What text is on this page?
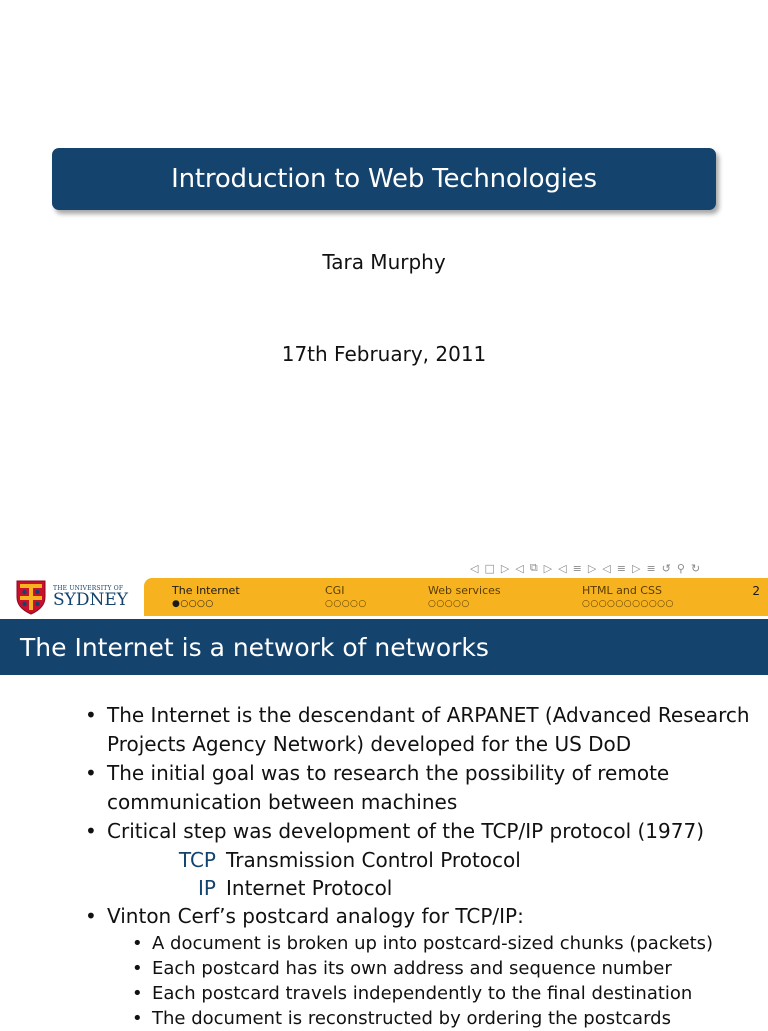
Introduction to Web Technologies
Tara Murphy
17th February, 2011
◁ □ ▷ ◁ ⧉ ▷ ◁ ≡ ▷ ◁ ≡ ▷ ≡ ↺ ⚲ ↻
THE UNIVERSITY OF
SYDNEY	The Internet
●○○○○
CGI
○○○○○
Web services
○○○○○
HTML and CSS
○○○○○○○○○○○
2
The Internet is a network of networks
• The Internet is the descendant of ARPANET (Advanced Research Projects Agency Network) developed for the US DoD
• The initial goal was to research the possibility of remote communication between machines
• Critical step was development of the TCP/IP protocol (1977)
TCP Transmission Control Protocol
IP Internet Protocol
• Vinton Cerf’s postcard analogy for TCP/IP:
• A document is broken up into postcard-sized chunks (packets)
• Each postcard has its own address and sequence number
• Each postcard travels independently to the final destination
• The document is reconstructed by ordering the postcards
